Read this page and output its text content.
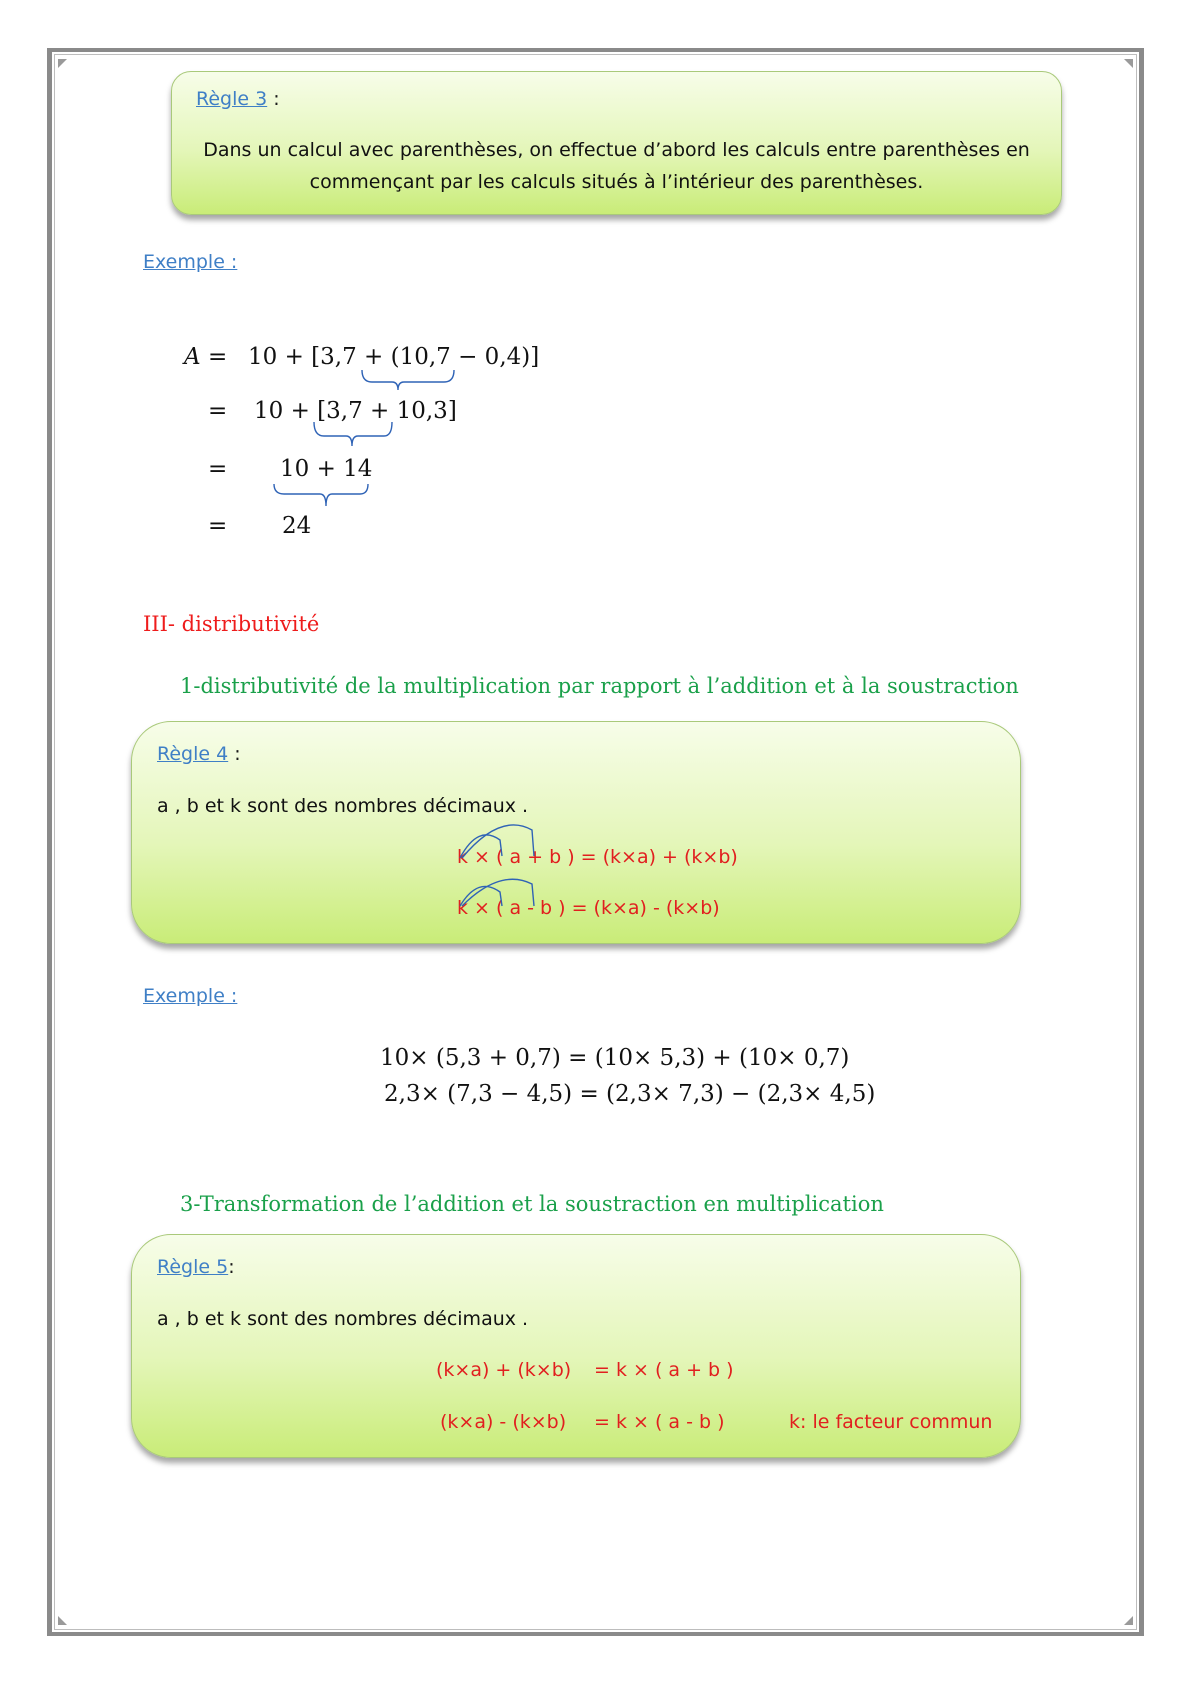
Règle 3 :
Dans un calcul avec parenthèses, on effectue d’abord les calculs entre parenthèses en
commençant par les calculs situés à l’intérieur des parenthèses.
Exemple :
A = 10 + [3,7 + (10,7 − 0,4)]
= 10 + [3,7 + 10,3]
= 10 + 14
= 24
III- distributivité
1-distributivité de la multiplication par rapport à l’addition et à la soustraction
Règle 4 :
a , b et k sont des nombres décimaux .
k × ( a + b ) = (k×a) + (k×b)
k × ( a - b ) = (k×a) - (k×b)
Exemple :
10× (5,3 + 0,7) = (10× 5,3) + (10× 0,7)
2,3× (7,3 − 4,5) = (2,3× 7,3) − (2,3× 4,5)
3-Transformation de l’addition et la soustraction en multiplication
Règle 5:
a , b et k sont des nombres décimaux .
(k×a) + (k×b) = k × ( a + b )
(k×a) - (k×b) = k × ( a - b )	k: le facteur commun
